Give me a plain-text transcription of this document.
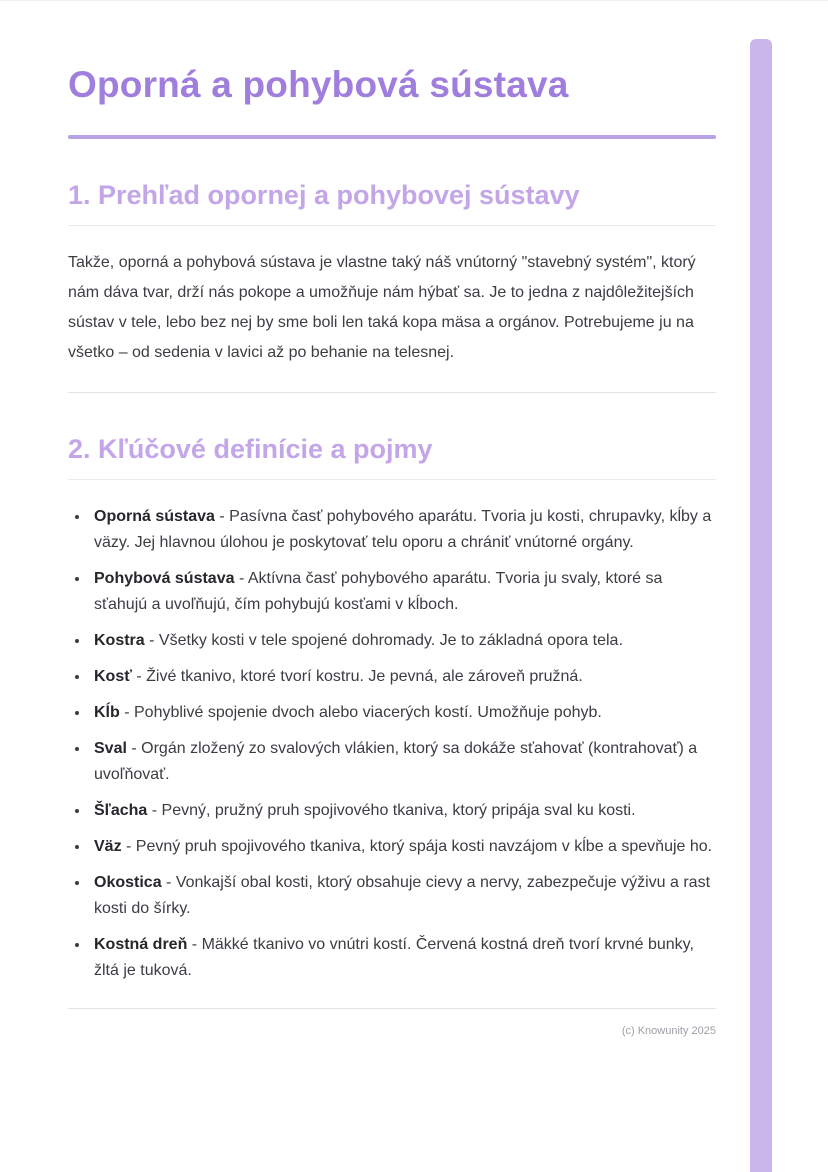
Oporná a pohybová sústava
1. Prehľad opornej a pohybovej sústavy

Takže, oporná a pohybová sústava je vlastne taký náš vnútorný "stavebný systém", ktorý nám dáva tvar, drží nás pokope a umožňuje nám hýbať sa. Je to jedna z najdôležitejších sústav v tele, lebo bez nej by sme boli len taká kopa mäsa a orgánov. Potrebujeme ju na všetko – od sedenia v lavici až po behanie na telesnej.

2. Kľúčové definície a pojmy
• Oporná sústava - Pasívna časť pohybového aparátu. Tvoria ju kosti, chrupavky, kĺby a väzy. Jej hlavnou úlohou je poskytovať telu oporu a chrániť vnútorné orgány.
• Pohybová sústava - Aktívna časť pohybového aparátu. Tvoria ju svaly, ktoré sa sťahujú a uvoľňujú, čím pohybujú kosťami v kĺboch.
• Kostra - Všetky kosti v tele spojené dohromady. Je to základná opora tela.
• Kosť - Živé tkanivo, ktoré tvorí kostru. Je pevná, ale zároveň pružná.
• Kĺb - Pohyblivé spojenie dvoch alebo viacerých kostí. Umožňuje pohyb.
• Sval - Orgán zložený zo svalových vlákien, ktorý sa dokáže sťahovať (kontrahovať) a uvoľňovať.
• Šľacha - Pevný, pružný pruh spojivového tkaniva, ktorý pripája sval ku kosti.
• Väz - Pevný pruh spojivového tkaniva, ktorý spája kosti navzájom v kĺbe a spevňuje ho.
• Okostica - Vonkajší obal kosti, ktorý obsahuje cievy a nervy, zabezpečuje výživu a rast kosti do šírky.
• Kostná dreň - Mäkké tkanivo vo vnútri kostí. Červená kostná dreň tvorí krvné bunky, žltá je tuková.
(c) Knowunity 2025
